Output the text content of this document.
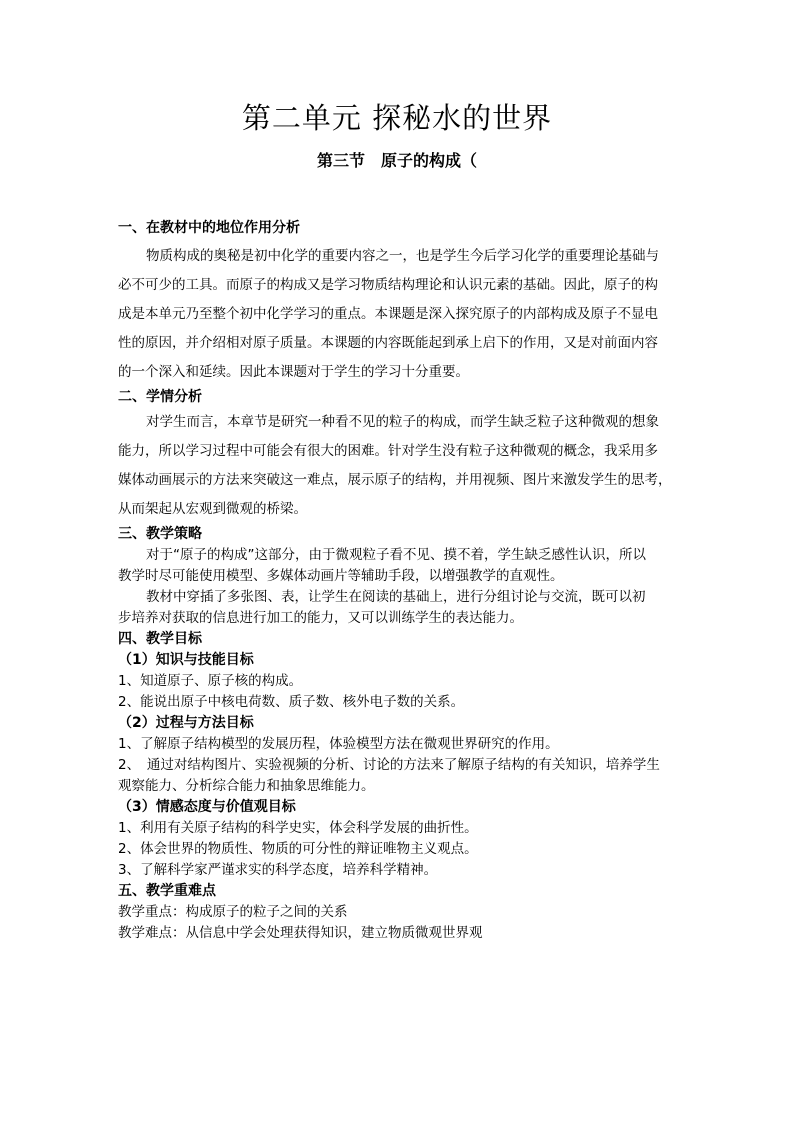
第二单元 探秘水的世界
第三节　原子的构成（

一、在教材中的地位作用分析

物质构成的奥秘是初中化学的重要内容之一，也是学生今后学习化学的重要理论基础与

必不可少的工具。而原子的构成又是学习物质结构理论和认识元素的基础。因此，原子的构

成是本单元乃至整个初中化学学习的重点。本课题是深入探究原子的内部构成及原子不显电

性的原因，并介绍相对原子质量。本课题的内容既能起到承上启下的作用，又是对前面内容

的一个深入和延续。因此本课题对于学生的学习十分重要。

二、学情分析

对学生而言，本章节是研究一种看不见的粒子的构成，而学生缺乏粒子这种微观的想象

能力，所以学习过程中可能会有很大的困难。针对学生没有粒子这种微观的概念，我采用多

媒体动画展示的方法来突破这一难点，展示原子的结构，并用视频、图片来激发学生的思考，

从而架起从宏观到微观的桥梁。

三、教学策略

对于“原子的构成”这部分，由于微观粒子看不见、摸不着，学生缺乏感性认识，所以

教学时尽可能使用模型、多媒体动画片等辅助手段，以增强教学的直观性。

教材中穿插了多张图、表，让学生在阅读的基础上，进行分组讨论与交流，既可以初

步培养对获取的信息进行加工的能力，又可以训练学生的表达能力。

四、教学目标

（1）知识与技能目标

1、知道原子、原子核的构成。

2、能说出原子中核电荷数、质子数、核外电子数的关系。

（2）过程与方法目标

1、了解原子结构模型的发展历程，体验模型方法在微观世界研究的作用。

2、　通过对结构图片、实验视频的分析、讨论的方法来了解原子结构的有关知识，培养学生

观察能力、分析综合能力和抽象思维能力。

（3）情感态度与价值观目标

1、利用有关原子结构的科学史实，体会科学发展的曲折性。

2、体会世界的物质性、物质的可分性的辩证唯物主义观点。

3、了解科学家严谨求实的科学态度，培养科学精神。

五、教学重难点

教学重点：构成原子的粒子之间的关系

教学难点：从信息中学会处理获得知识，建立物质微观世界观
